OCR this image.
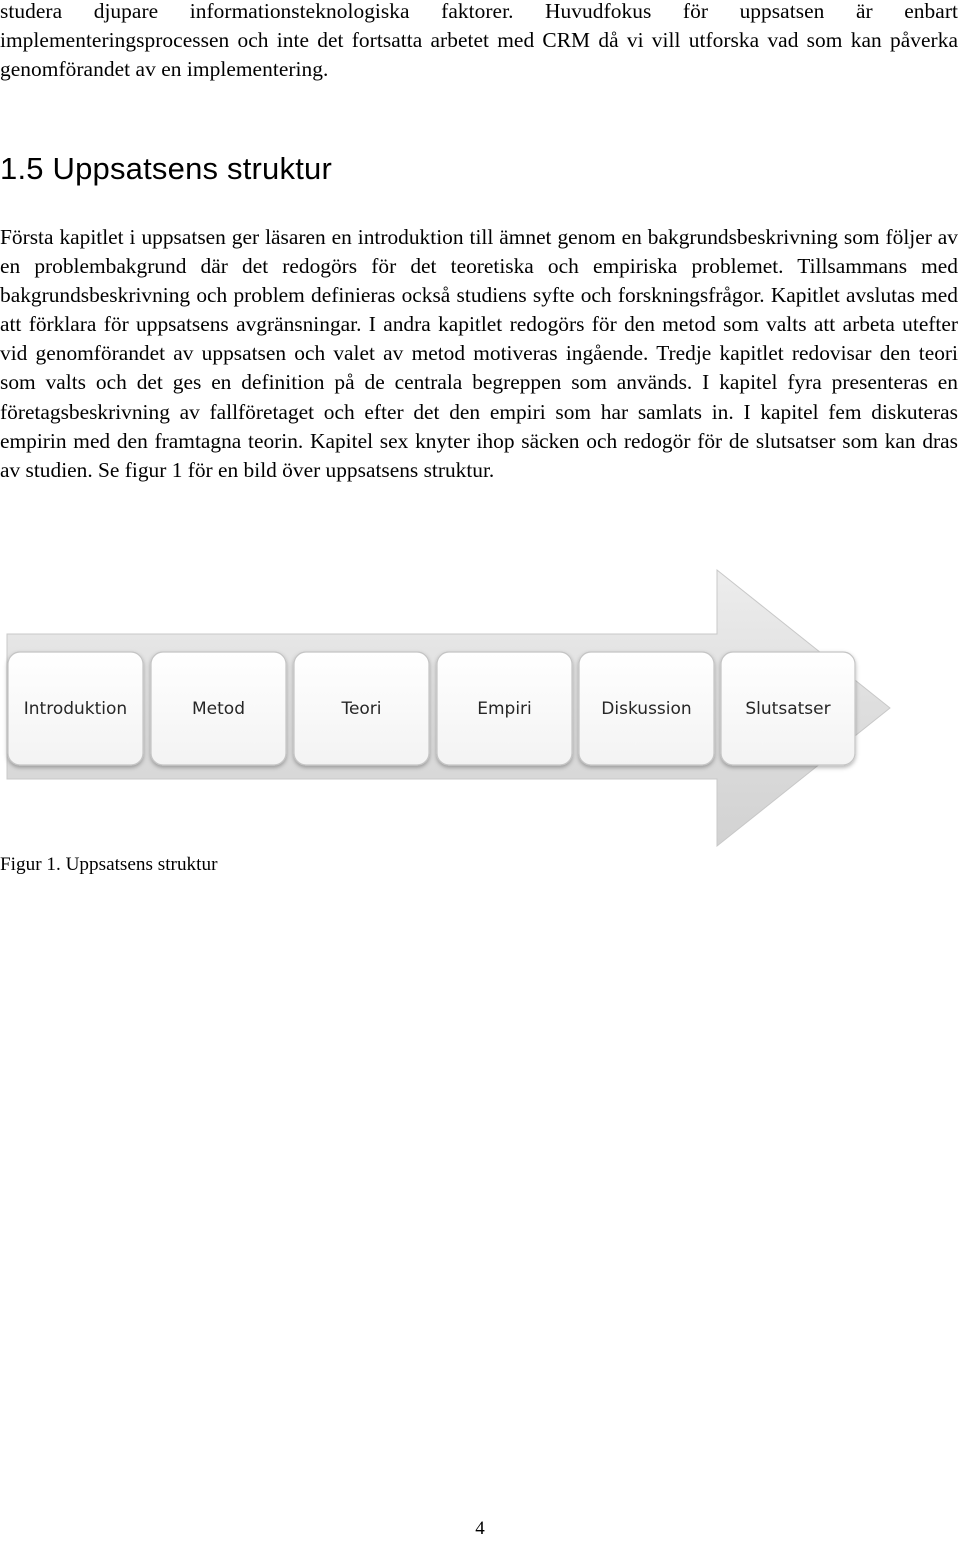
studera djupare informationsteknologiska faktorer. Huvudfokus för uppsatsen är enbart implementeringsprocessen och inte det fortsatta arbetet med CRM då vi vill utforska vad som kan påverka genomförandet av en implementering.

1.5 Uppsatsens struktur

Första kapitlet i uppsatsen ger läsaren en introduktion till ämnet genom en bakgrundsbeskrivning som följer av en problembakgrund där det redogörs för det teoretiska och empiriska problemet. Tillsammans med bakgrundsbeskrivning och problem definieras också studiens syfte och forskningsfrågor. Kapitlet avslutas med att förklara för uppsatsens avgränsningar. I andra kapitlet redogörs för den metod som valts att arbeta utefter vid genomförandet av uppsatsen och valet av metod motiveras ingående. Tredje kapitlet redovisar den teori som valts och det ges en definition på de centrala begreppen som används. I kapitel fyra presenteras en företagsbeskrivning av fallföretaget och efter det den empiri som har samlats in. I kapitel fem diskuteras empirin med den framtagna teorin. Kapitel sex knyter ihop säcken och redogör för de slutsatser som kan dras av studien. Se figur 1 för en bild över uppsatsens struktur.

Introduktion	Metod	Teori	Empiri	Diskussion	Slutsatser

Figur 1. Uppsatsens struktur

4
